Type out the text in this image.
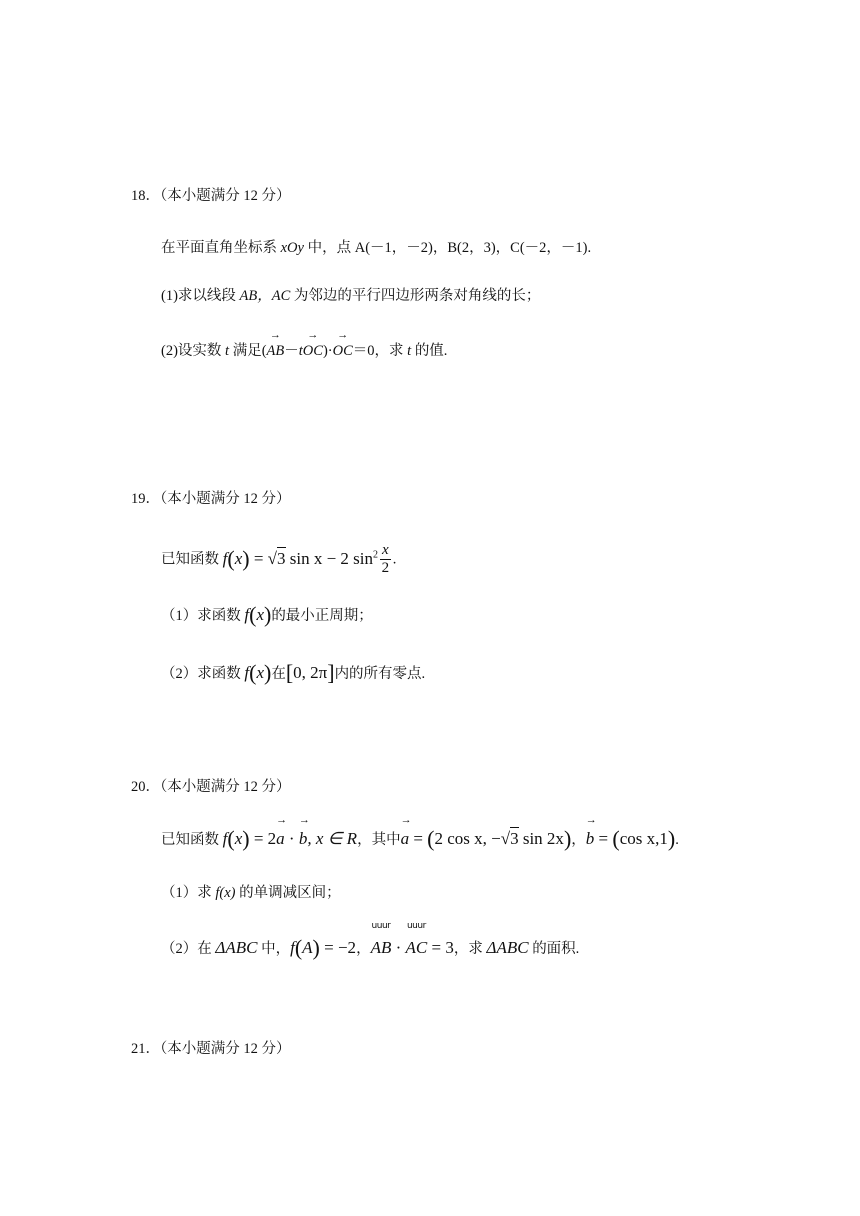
18．（本小题满分 12 分）
在平面直角坐标系 xOy 中，点 A(－1，－2)，B(2，3)，C(－2，－1).
(1)求以线段 AB，AC 为邻边的平行四边形两条对角线的长；
(2)设实数 t 满足(→ AB－t→ OC)·→ OC＝0，求 t 的值.
19．（本小题满分 12 分）
已知函数 f(x) = √3 sin x − 2 $\sin^2 \frac{x}{2}$ .
（1）求函数 f(x)的最小正周期；
（2）求函数 f(x)在[0, 2π]内的所有零点.
20．（本小题满分 12 分）
已知函数 f(x) = 2→ a · → b, x ∈ R，其中→ a = (2 cos x, −√3 sin 2x)，→ b = (cos x,1).
（1）求 f(x) 的单调减区间；
（2）在 ΔABC 中，f(A) = −2，
uuur
AB ·
uuur
AC = 3，求 ΔABC 的面积.
21．（本小题满分 12 分）
